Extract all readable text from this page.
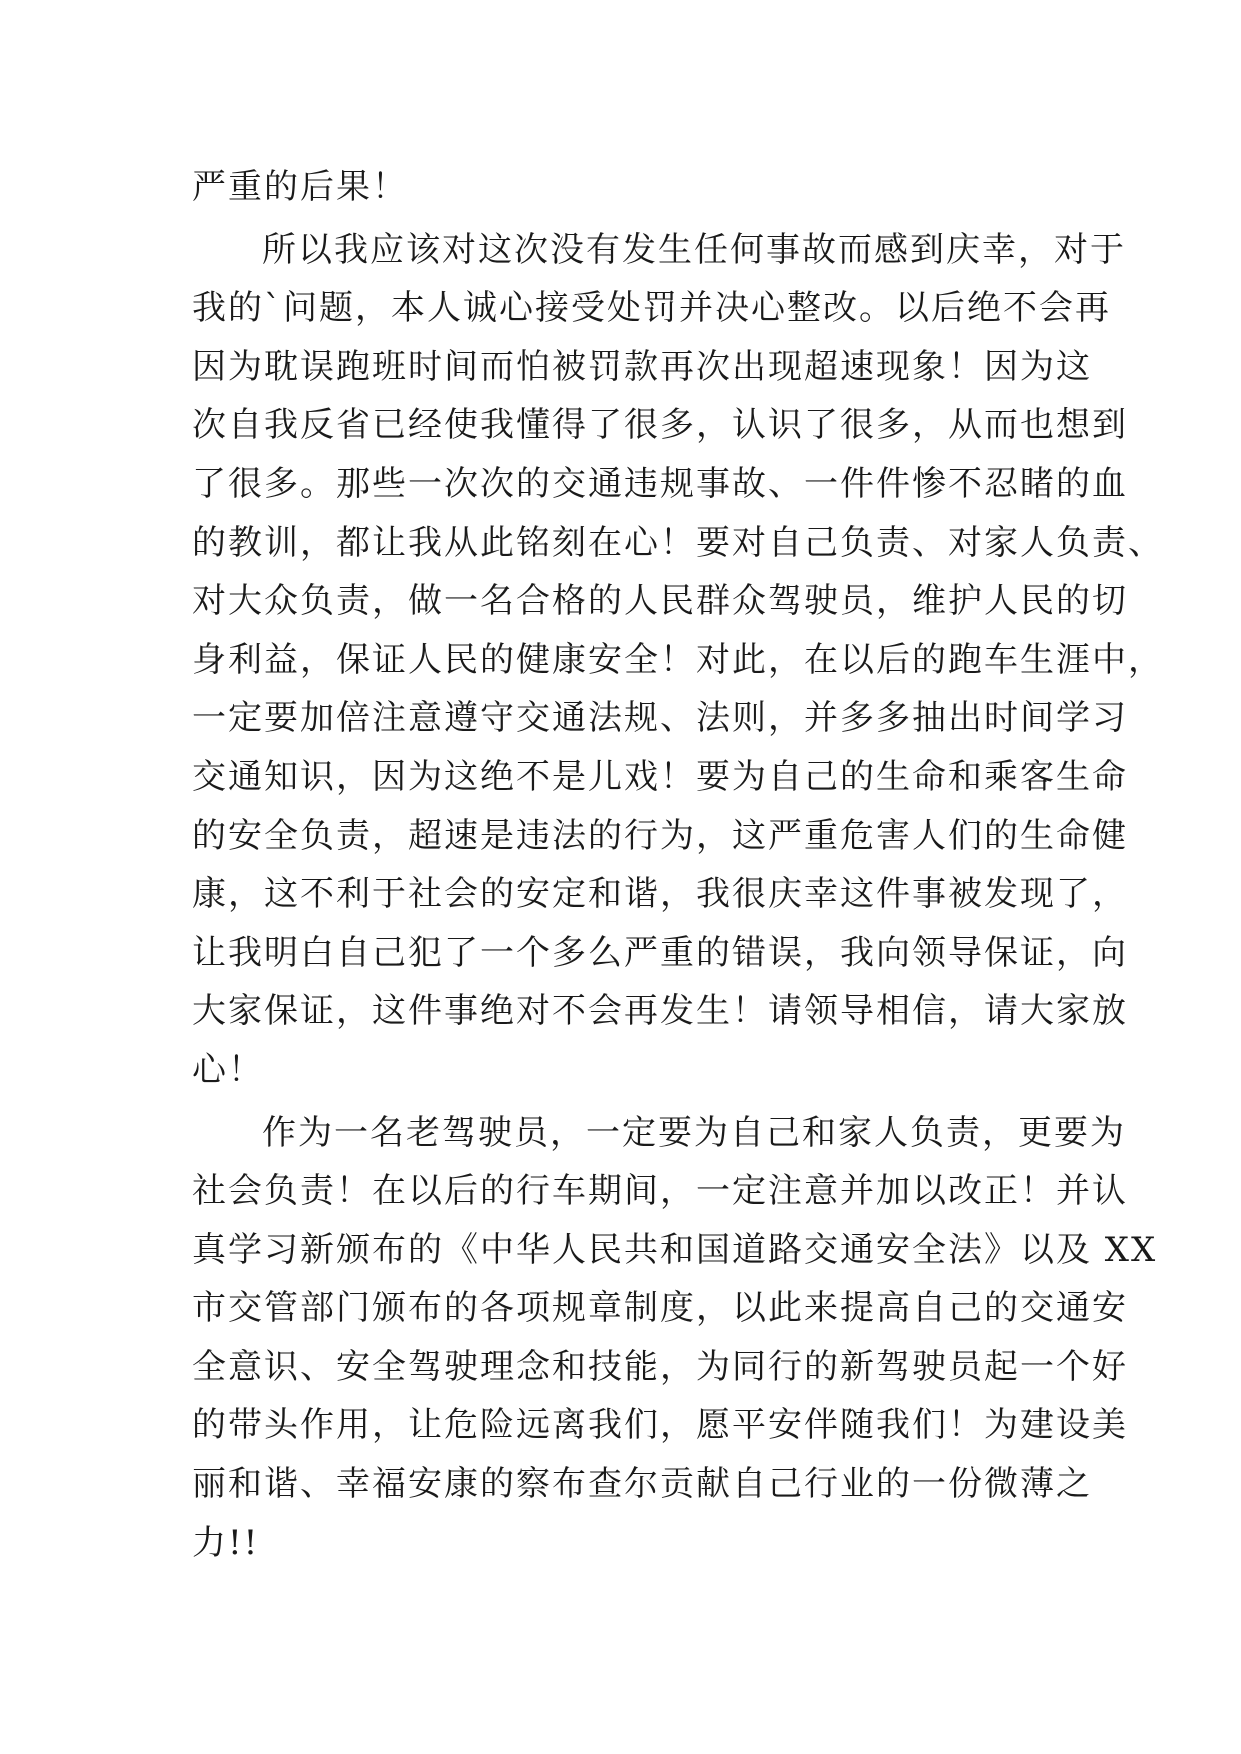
严重的后果！

所以我应该对这次没有发生任何事故而感到庆幸，对于

我的`问题，本人诚心接受处罚并决心整改。以后绝不会再

因为耽误跑班时间而怕被罚款再次出现超速现象！因为这

次自我反省已经使我懂得了很多，认识了很多，从而也想到

了很多。那些一次次的交通违规事故、一件件惨不忍睹的血

的教训，都让我从此铭刻在心！要对自己负责、对家人负责、

对大众负责，做一名合格的人民群众驾驶员，维护人民的切

身利益，保证人民的健康安全！对此，在以后的跑车生涯中，

一定要加倍注意遵守交通法规、法则，并多多抽出时间学习

交通知识，因为这绝不是儿戏！要为自己的生命和乘客生命

的安全负责，超速是违法的行为，这严重危害人们的生命健

康，这不利于社会的安定和谐，我很庆幸这件事被发现了，

让我明白自己犯了一个多么严重的错误，我向领导保证，向

大家保证，这件事绝对不会再发生！请领导相信，请大家放

心！

作为一名老驾驶员，一定要为自己和家人负责，更要为

社会负责！在以后的行车期间，一定注意并加以改正！并认

真学习新颁布的《中华人民共和国道路交通安全法》以及 XX

市交管部门颁布的各项规章制度，以此来提高自己的交通安

全意识、安全驾驶理念和技能，为同行的新驾驶员起一个好

的带头作用，让危险远离我们，愿平安伴随我们！为建设美

丽和谐、幸福安康的察布查尔贡献自己行业的一份微薄之

力!!
